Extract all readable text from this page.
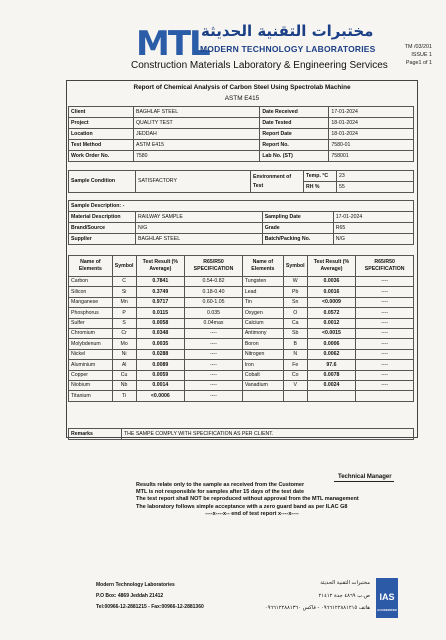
MTL
مختبرات التقنية الحديثة
MODERN TECHNOLOGY LABORATORIES
Construction Materials Laboratory & Engineering Services
TM /03/201
ISSUE 1
Page1 of 1
Report of Chemical Analysis of Carbon Steel Using Spectrolab Machine
ASTM E415
Client	BAGHLAF STEEL	Date Received	17-01-2024
Project	QUALITY TEST	Date Tested	18-01-2024
Location	JEDDAH	Report Date	18-01-2024
Test Method	ASTM E415	Report No.	7580-01
Work Order No.	7580	Lab No. (ST)	758001
Sample Condition	SATISFACTORY	Environment of Test	Temp. °C	23
			RH %	55
Sample Description: -			
Material Description	RAILWAY SAMPLE	Sampling Date	17-01-2024
Brand/Source	N/G	Grade	R65
Supplier	BAGHLAF STEEL	Batch/Packing No.	N/G
Name of Elements	Symbol	Test Result (% Average)	R65/R50 SPECIFICATION	Name of Elements	Symbol	Test Result (% Average)	R65/R50 SPECIFICATION
Carbon	C	0.7841	0.54-0.82	Tungsten	W	0.0036	----
Silicon	Si	0.3749	0.18-0.40	Lead	Pb	0.0016	----
Manganese	Mn	0.9717	0.60-1.05	Tin	Sn	<0.0009	----
Phosphorus	P	0.0115	0.035	Oxygen	O	0.0572	----
Sulfer	S	0.0058	0.04max	Calcium	Ca	0.0012	----
Chromium	Cr	0.0348	----	Antimony	Sb	<0.0015	----
Molybdenum	Mo	0.0035	----	Boron	B	0.0006	----
Nickel	Ni	0.0288	----	Nitrogen	N	0.0062	----
Aluminium	Al	0.0089	----	Iron	Fe	97.6	----
Copper	Cu	0.0059	----	Cobalt	Co	0.0078	----
Niobium	Nb	0.0014	----	Vanadium	V	0.0024	----
Titanium	Ti	<0.0006	----				
Remarks	THE SAMPE COMPLY WITH SPECIFICATION AS PER CLIENT.
Technical Manager
Results relate only to the sample as received from the Customer
MTL is not responsible for samples after 15 days of the test date
The test report shall NOT be reproduced without approval from the MTL management
The laboratory follows simple acceptance with a zero guard band as per ILAC G8
----x----x-- end of test report x----x----
Modern Technology Laboratories
P.O Box: 4869 Jeddah 21412
Tel:00966-12-2881215 - Fax:00966-12-2881360
مختبرات التقنية الحديثة
ص.ب ٤٨٦٩ جدة ٢١٤١٢
هاتف ٠٩٦٦١٢٢٨٨١٢١٥ - فاكس ٠٩٦٦١٢٢٨٨١٣٦٠
IAS
ACCREDITED
